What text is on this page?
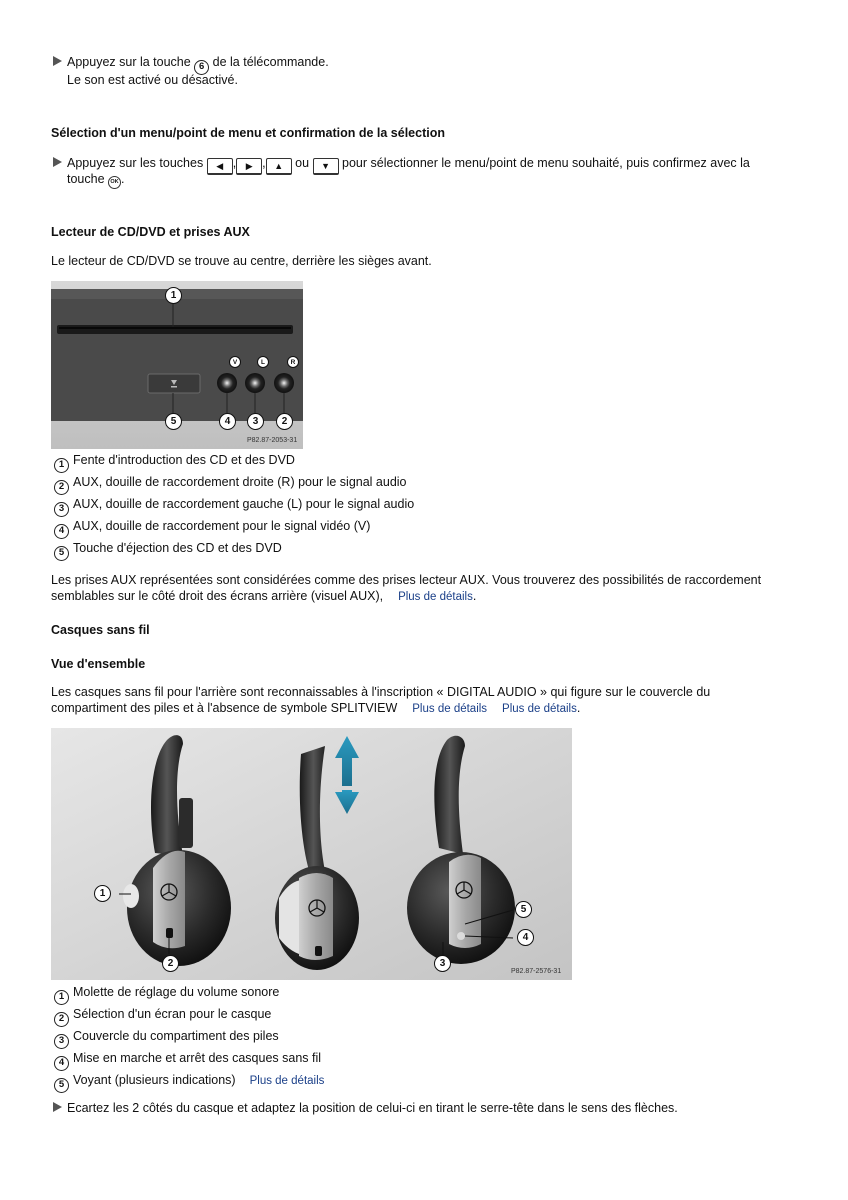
Appuyez sur la touche 6 de la télécommande.
Le son est activé ou désactivé.
Sélection d'un menu/point de menu et confirmation de la sélection
Appuyez sur les touches ◀ , ▶ , ▲ ou ▼ pour sélectionner le menu/point de menu souhaité, puis confirmez avec la
touche OK .
Lecteur de CD/DVD et prises AUX
Le lecteur de CD/DVD se trouve au centre, derrière les sièges avant.
1
5	4	3	2
V	L	R
P82.87-2053-31
1 Fente d'introduction des CD et des DVD
2 AUX, douille de raccordement droite (R) pour le signal audio
3 AUX, douille de raccordement gauche (L) pour le signal audio
4 AUX, douille de raccordement pour le signal vidéo (V)
5 Touche d'éjection des CD et des DVD
Les prises AUX représentées sont considérées comme des prises lecteur AUX. Vous trouverez des possibilités de raccordement
semblables sur le côté droit des écrans arrière (visuel AUX), Plus de détails.
Casques sans fil
Vue d'ensemble
Les casques sans fil pour l'arrière sont reconnaissables à l'inscription « DIGITAL AUDIO » qui figure sur le couvercle du
compartiment des piles et à l'absence de symbole SPLITVIEW Plus de détails Plus de détails.
1
2	3
5
4
P82.87-2576-31
1 Molette de réglage du volume sonore
2 Sélection d'un écran pour le casque
3 Couvercle du compartiment des piles
4 Mise en marche et arrêt des casques sans fil
5 Voyant (plusieurs indications) Plus de détails
Ecartez les 2 côtés du casque et adaptez la position de celui-ci en tirant le serre-tête dans le sens des flèches.
